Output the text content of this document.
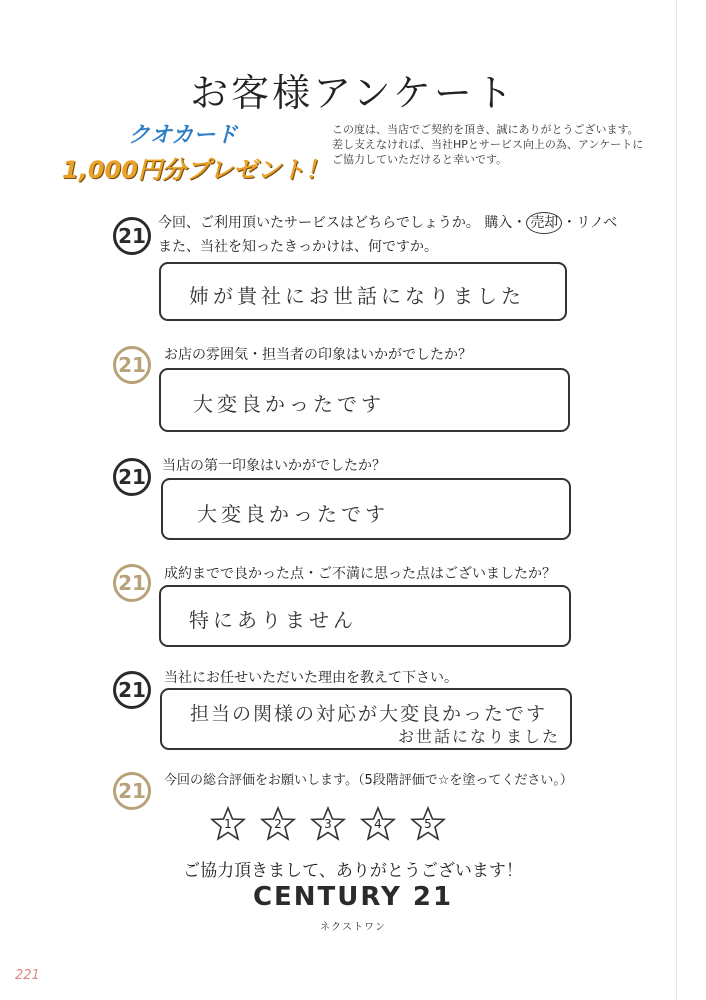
お客様アンケート
クオカード
1,000円分プレゼント！
この度は、当店でご契約を頂き、誠にありがとうございます。
差し支えなければ、当社HPとサービス向上の為、アンケートに
ご協力していただけると幸いです。
21
今回、ご利用頂いたサービスはどちらでしょうか。 購入・ 売却 ・リノベ
また、当社を知ったきっかけは、何ですか。
姉が貴社にお世話になりました
21	お店の雰囲気・担当者の印象はいかがでしたか？
大変良かったです
21	当店の第一印象はいかがでしたか？
大変良かったです
21	成約までで良かった点・ご不満に思った点はございましたか？
特にありません
21	当社にお任せいただいた理由を教えて下さい。
担当の関様の対応が大変良かったです
お世話になりました
21	今回の総合評価をお願いします。（5段階評価で☆を塗ってください。）
1	2	3	4	5
ご協力頂きまして、ありがとうございます！
CENTURY 21
ネクストワン
221
